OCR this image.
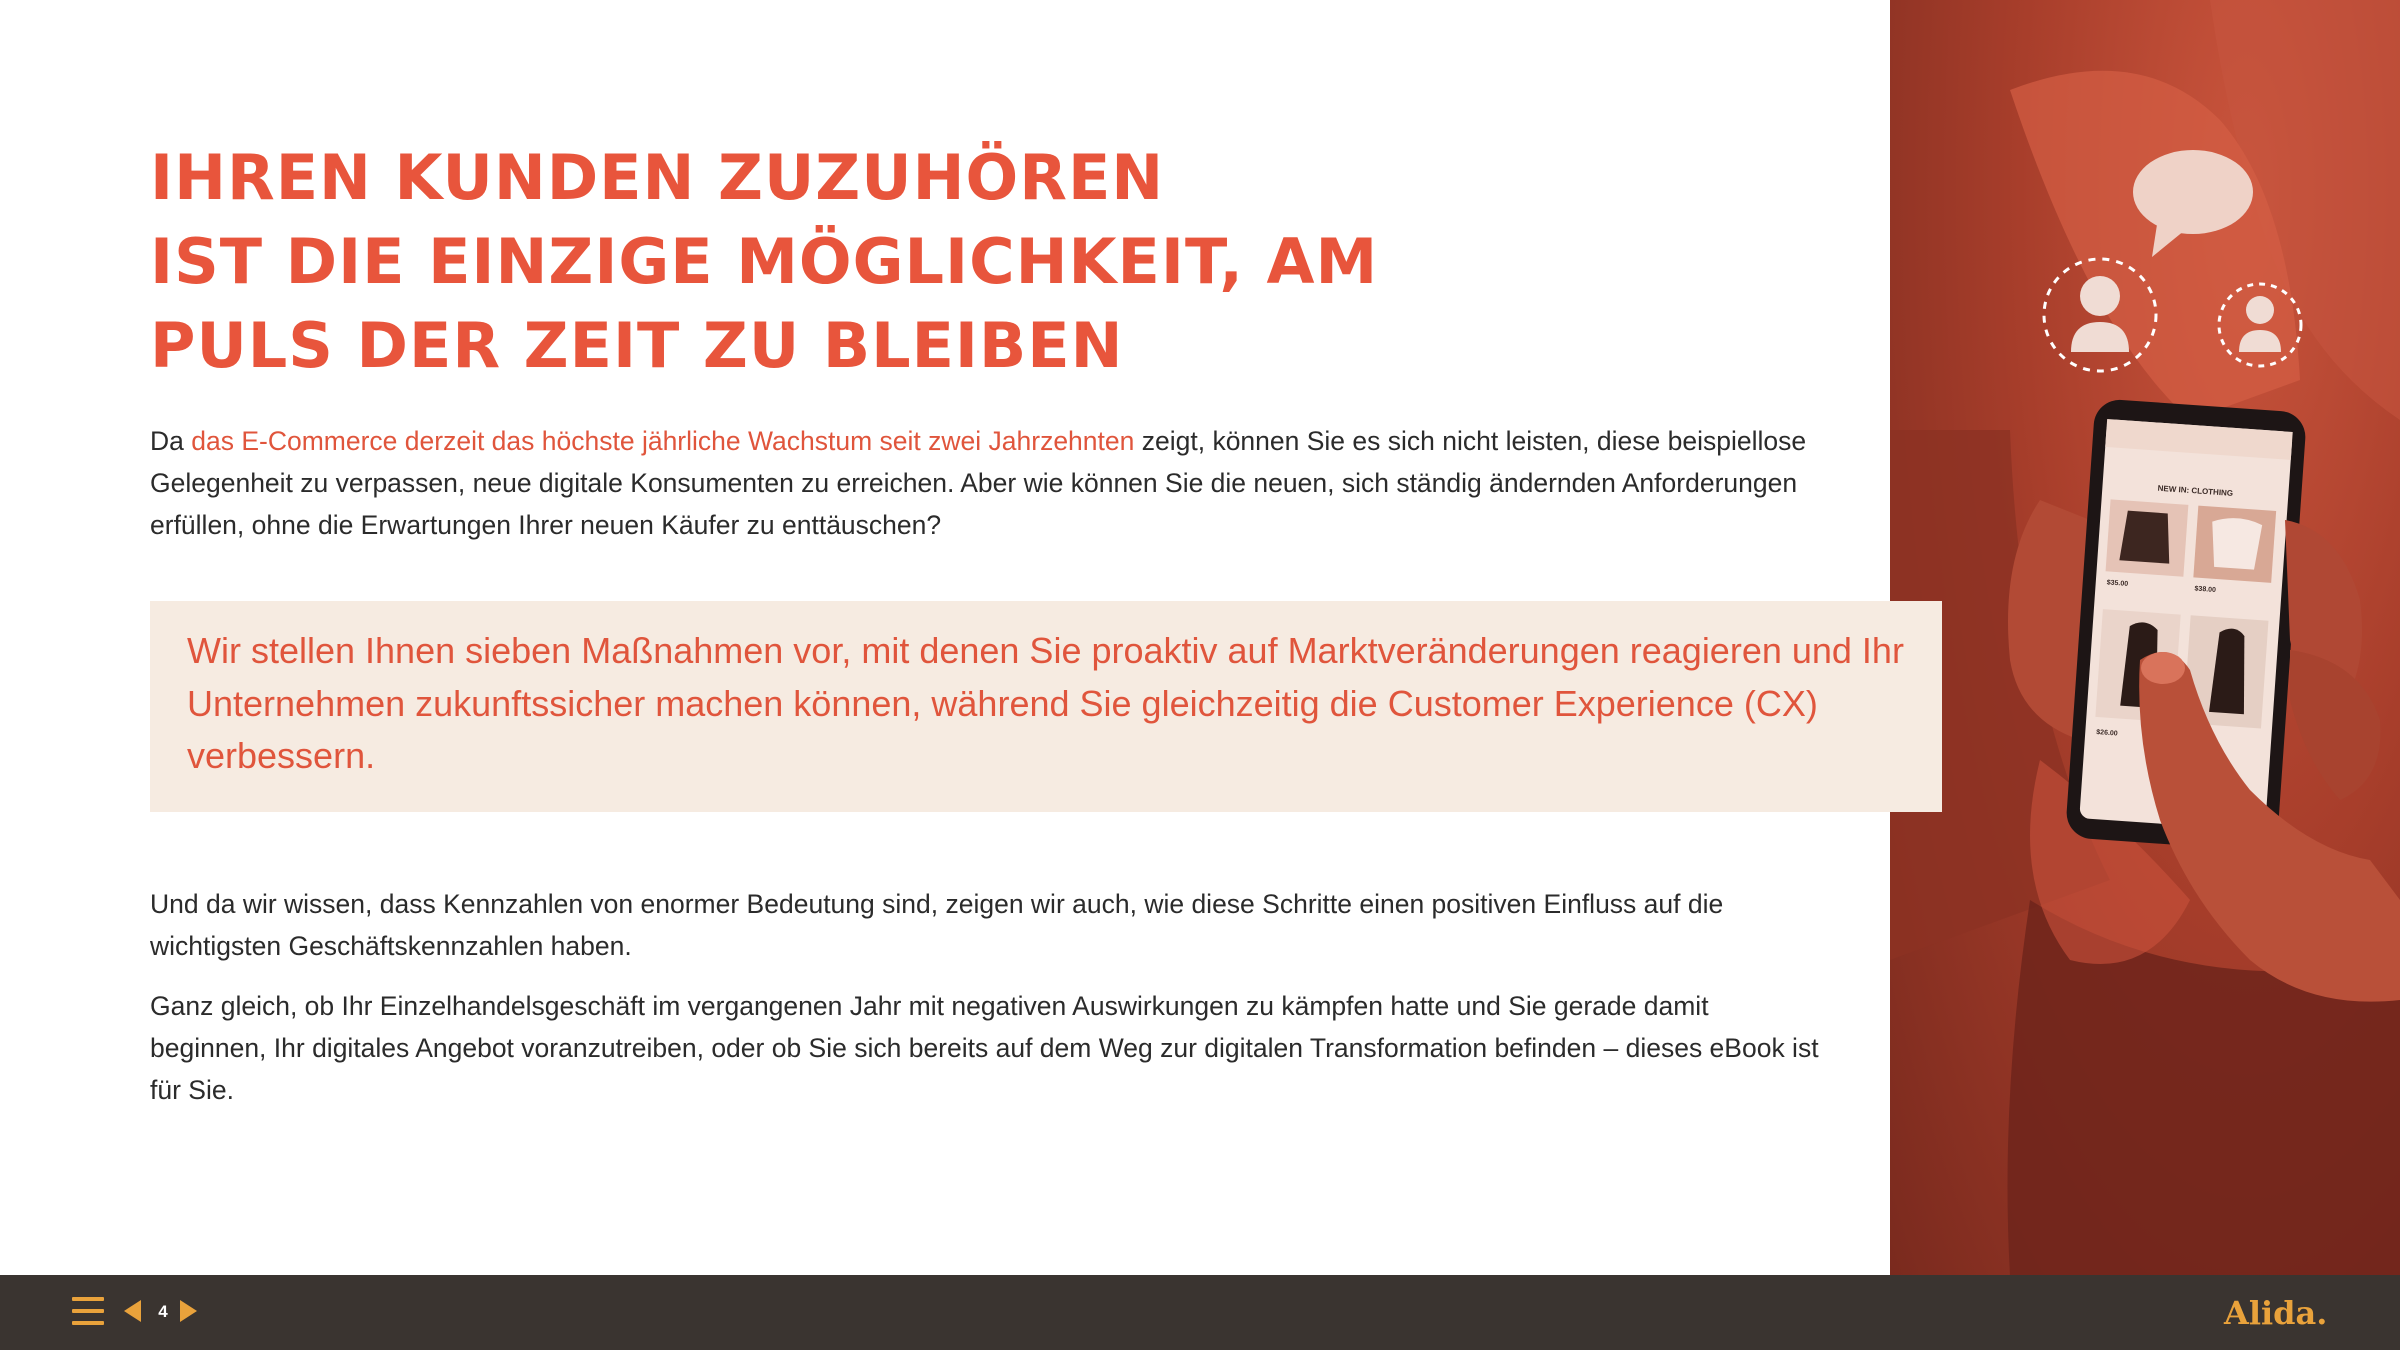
IHREN KUNDEN ZUZUHÖREN
IST DIE EINZIGE MÖGLICHKEIT, AM
PULS DER ZEIT ZU BLEIBEN

Da das E-Commerce derzeit das höchste jährliche Wachstum seit zwei Jahrzehnten zeigt, können Sie es sich nicht leisten, diese beispiellose Gelegenheit zu verpassen, neue digitale Konsumenten zu erreichen. Aber wie können Sie die neuen, sich ständig ändernden Anforderungen erfüllen, ohne die Erwartungen Ihrer neuen Käufer zu enttäuschen?

Und da wir wissen, dass Kennzahlen von enormer Bedeutung sind, zeigen wir auch, wie diese Schritte einen positiven Einfluss auf die wichtigsten Geschäftskennzahlen haben.

Ganz gleich, ob Ihr Einzelhandelsgeschäft im vergangenen Jahr mit negativen Auswirkungen zu kämpfen hatte und Sie gerade damit beginnen, Ihr digitales Angebot voranzutreiben, oder ob Sie sich bereits auf dem Weg zur digitalen Transformation befinden – dieses eBook ist für Sie.

NEW IN: CLOTHING
$35.00
$38.00
$26.00

Wir stellen Ihnen sieben Maßnahmen vor, mit denen Sie proaktiv auf Marktveränderungen reagieren und Ihr Unternehmen zukunftssicher machen können, während Sie gleichzeitig die Customer Experience (CX) verbessern.

4	Alida.
